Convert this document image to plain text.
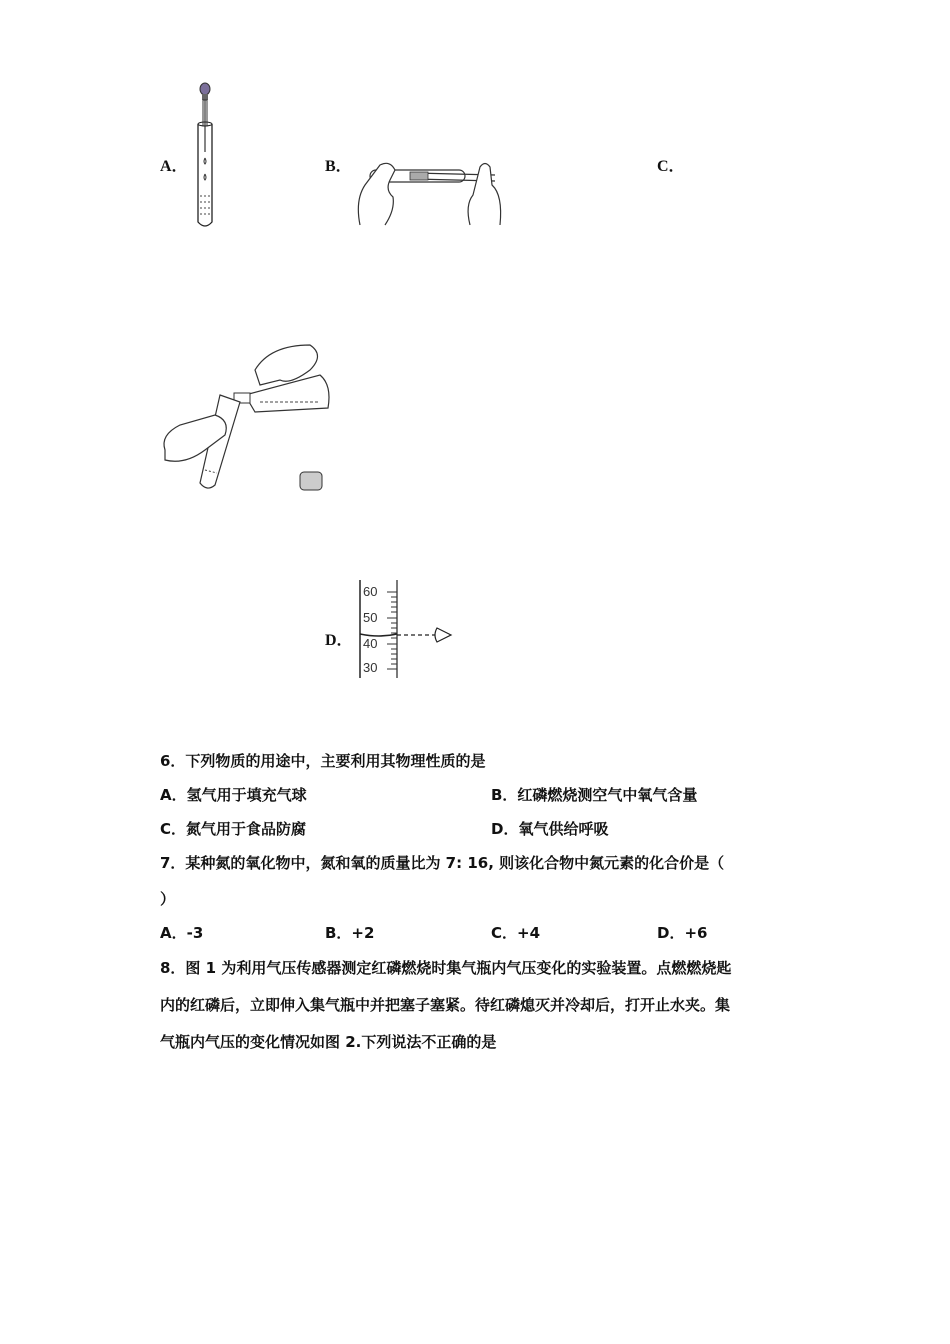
A．	B．	C．
D．
60
50
40
30
6．下列物质的用途中，主要利用其物理性质的是
A．氢气用于填充气球	B．红磷燃烧测空气中氧气含量
C．氮气用于食品防腐	D．氧气供给呼吸
7．某种氮的氧化物中，氮和氧的质量比为 7: 16, 则该化合物中氮元素的化合价是（
）
A．-3	B．+2	C．+4	D．+6
8．图 1 为利用气压传感器测定红磷燃烧时集气瓶内气压变化的实验装置。点燃燃烧匙
内的红磷后，立即伸入集气瓶中并把塞子塞紧。待红磷熄灭并冷却后，打开止水夹。集
气瓶内气压的变化情况如图 2.下列说法不正确的是
